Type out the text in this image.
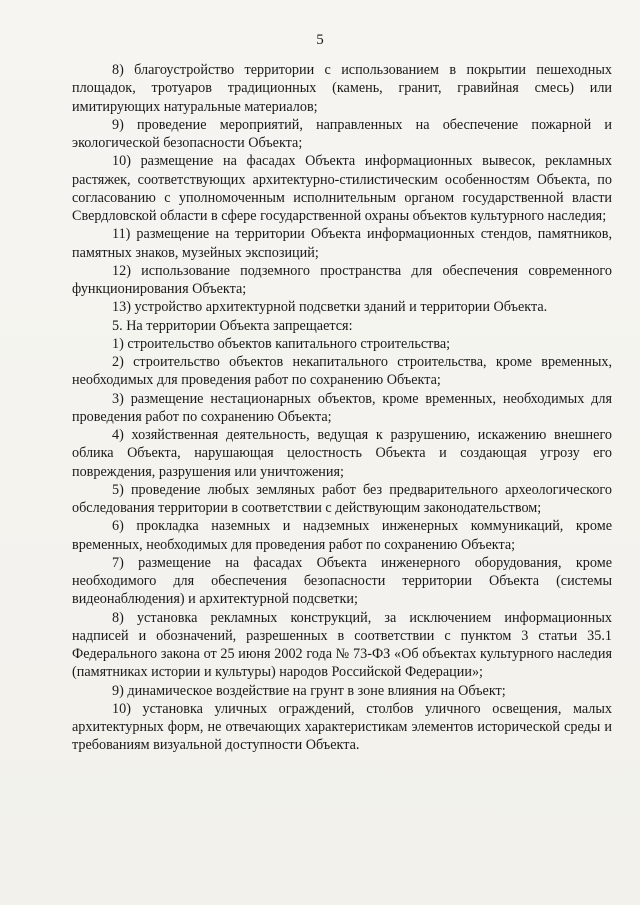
5

8) благоустройство территории с использованием в покрытии пешеходных площадок, тротуаров традиционных (камень, гранит, гравийная смесь) или имитирующих натуральные материалов;

9) проведение мероприятий, направленных на обеспечение пожарной и экологической безопасности Объекта;

10) размещение на фасадах Объекта информационных вывесок, рекламных растяжек, соответствующих архитектурно-стилистическим особенностям Объекта, по согласованию с уполномоченным исполнительным органом государственной власти Свердловской области в сфере государственной охраны объектов культурного наследия;

11) размещение на территории Объекта информационных стендов, памятников, памятных знаков, музейных экспозиций;

12) использование подземного пространства для обеспечения современного функционирования Объекта;

13) устройство архитектурной подсветки зданий и территории Объекта.

5. На территории Объекта запрещается:

1) строительство объектов капитального строительства;

2) строительство объектов некапитального строительства, кроме временных, необходимых для проведения работ по сохранению Объекта;

3) размещение нестационарных объектов, кроме временных, необходимых для проведения работ по сохранению Объекта;

4) хозяйственная деятельность, ведущая к разрушению, искажению внешнего облика Объекта, нарушающая целостность Объекта и создающая угрозу его повреждения, разрушения или уничтожения;

5) проведение любых земляных работ без предварительного археологического обследования территории в соответствии с действующим законодательством;

6) прокладка наземных и надземных инженерных коммуникаций, кроме временных, необходимых для проведения работ по сохранению Объекта;

7) размещение на фасадах Объекта инженерного оборудования, кроме необходимого для обеспечения безопасности территории Объекта (системы видеонаблюдения) и архитектурной подсветки;

8) установка рекламных конструкций, за исключением информационных надписей и обозначений, разрешенных в соответствии с пунктом 3 статьи 35.1 Федерального закона от 25 июня 2002 года № 73-ФЗ «Об объектах культурного наследия (памятниках истории и культуры) народов Российской Федерации»;

9) динамическое воздействие на грунт в зоне влияния на Объект;

10) установка уличных ограждений, столбов уличного освещения, малых архитектурных форм, не отвечающих характеристикам элементов исторической среды и требованиям визуальной доступности Объекта.
